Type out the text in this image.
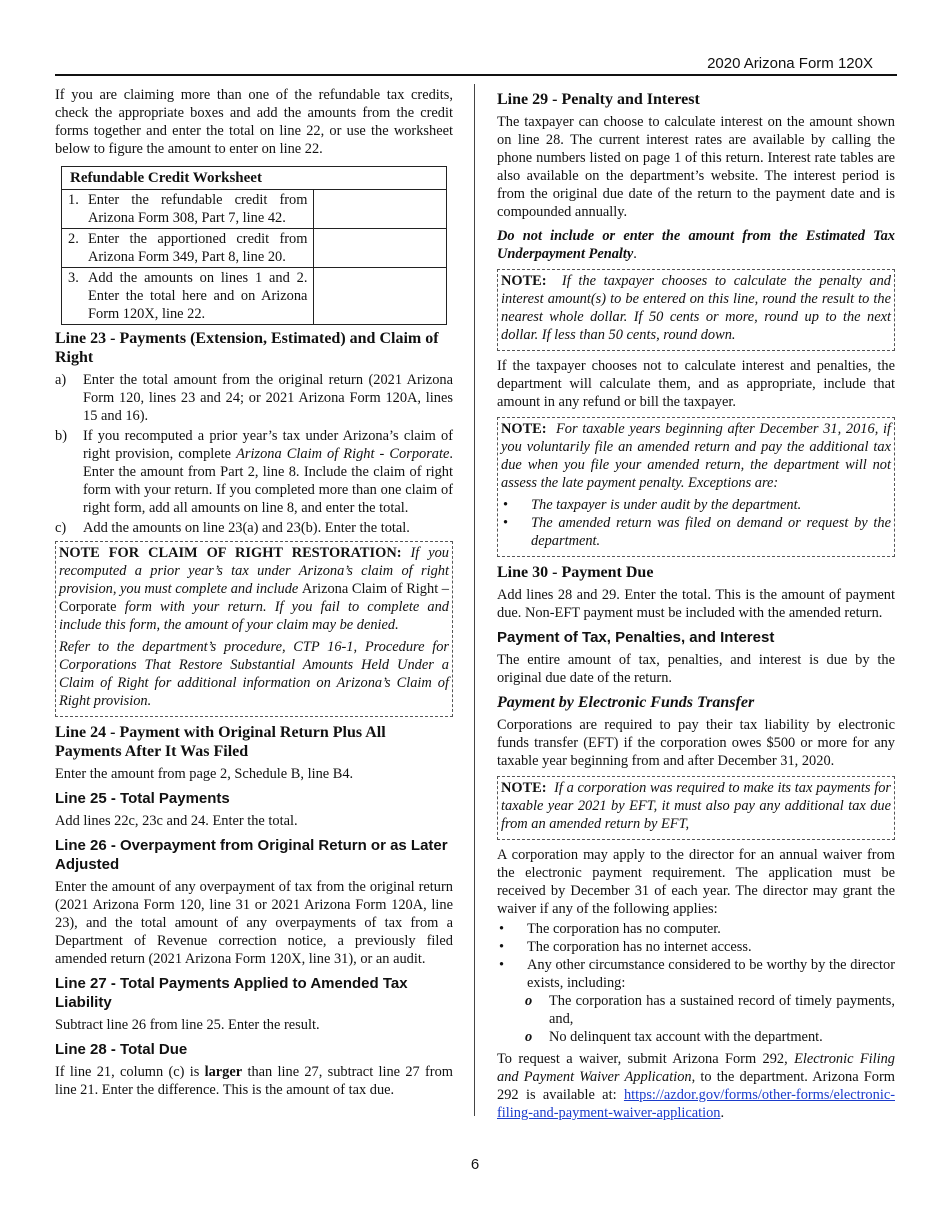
2020 Arizona Form 120X

If you are claiming more than one of the refundable tax credits, check the appropriate boxes and add the amounts from the credit forms together and enter the total on line 22, or use the worksheet below to figure the amount to enter on line 22.

Refundable Credit Worksheet	

1. Enter the refundable credit from Arizona Form 308, Part 7, line 42.	

2. Enter the apportioned credit from Arizona Form 349, Part 8, line 20.	

3. Add the amounts on lines 1 and 2. Enter the total here and on Arizona Form 120X, line 22.	

Line 23 - Payments (Extension, Estimated) and Claim of Right
a)	Enter the total amount from the original return (2021 Arizona Form 120, lines 23 and 24; or 2021 Arizona Form 120A, lines 15 and 16).
b)	If you recomputed a prior year’s tax under Arizona’s claim of right provision, complete Arizona Claim of Right - Corporate. Enter the amount from Part 2, line 8. Include the claim of right form with your return. If you completed more than one claim of right form, add all amounts on line 8, and enter the total.
c)	Add the amounts on line 23(a) and 23(b). Enter the total.

NOTE FOR CLAIM OF RIGHT RESTORATION: If you recomputed a prior year’s tax under Arizona’s claim of right provision, you must complete and include Arizona Claim of Right – Corporate form with your return. If you fail to complete and include this form, the amount of your claim may be denied.

Refer to the department’s procedure, CTP 16-1, Procedure for Corporations That Restore Substantial Amounts Held Under a Claim of Right for additional information on Arizona’s Claim of Right provision.

Line 24 - Payment with Original Return Plus All Payments After It Was Filed

Enter the amount from page 2, Schedule B, line B4.

Line 25 - Total Payments

Add lines 22c, 23c and 24. Enter the total.

Line 26 - Overpayment from Original Return or as Later Adjusted

Enter the amount of any overpayment of tax from the original return (2021 Arizona Form 120, line 31 or 2021 Arizona Form 120A, line 23), and the total amount of any overpayments of tax from a Department of Revenue correction notice, a previously filed amended return (2021 Arizona Form 120X, line 31), or an audit.

Line 27 - Total Payments Applied to Amended Tax Liability

Subtract line 26 from line 25. Enter the result.

Line 28 - Total Due

If line 21, column (c) is larger than line 27, subtract line 27 from line 21. Enter the difference. This is the amount of tax due.

Line 29 - Penalty and Interest

The taxpayer can choose to calculate interest on the amount shown on line 28. The current interest rates are available by calling the phone numbers listed on page 1 of this return. Interest rate tables are also available on the department’s website. The interest period is from the original due date of the return to the payment date and is compounded annually.

Do not include or enter the amount from the Estimated Tax Underpayment Penalty.

NOTE: If the taxpayer chooses to calculate the penalty and interest amount(s) to be entered on this line, round the result to the nearest whole dollar. If 50 cents or more, round up to the next dollar. If less than 50 cents, round down.

If the taxpayer chooses not to calculate interest and penalties, the department will calculate them, and as appropriate, include that amount in any refund or bill the taxpayer.

NOTE: For taxable years beginning after December 31, 2016, if you voluntarily file an amended return and pay the additional tax due when you file your amended return, the department will not assess the late payment penalty. Exceptions are:

•	The taxpayer is under audit by the department.
•	The amended return was filed on demand or request by the department.
Line 30 - Payment Due

Add lines 28 and 29. Enter the total. This is the amount of payment due. Non-EFT payment must be included with the amended return.

Payment of Tax, Penalties, and Interest

The entire amount of tax, penalties, and interest is due by the original due date of the return.

Payment by Electronic Funds Transfer

Corporations are required to pay their tax liability by electronic funds transfer (EFT) if the corporation owes $500 or more for any taxable year beginning from and after December 31, 2020.

NOTE: If a corporation was required to make its tax payments for taxable year 2021 by EFT, it must also pay any additional tax due from an amended return by EFT,

A corporation may apply to the director for an annual waiver from the electronic payment requirement. The application must be received by December 31 of each year. The director may grant the waiver if any of the following applies:

•	The corporation has no computer.
•	The corporation has no internet access.
•	Any other circumstance considered to be worthy by the director exists, including:
o	The corporation has a sustained record of timely payments, and,
o	No delinquent tax account with the department.

To request a waiver, submit Arizona Form 292, Electronic Filing and Payment Waiver Application, to the department. Arizona Form 292 is available at: https://azdor.gov/forms/other-forms/electronic-filing-and-payment-waiver-application.

6
